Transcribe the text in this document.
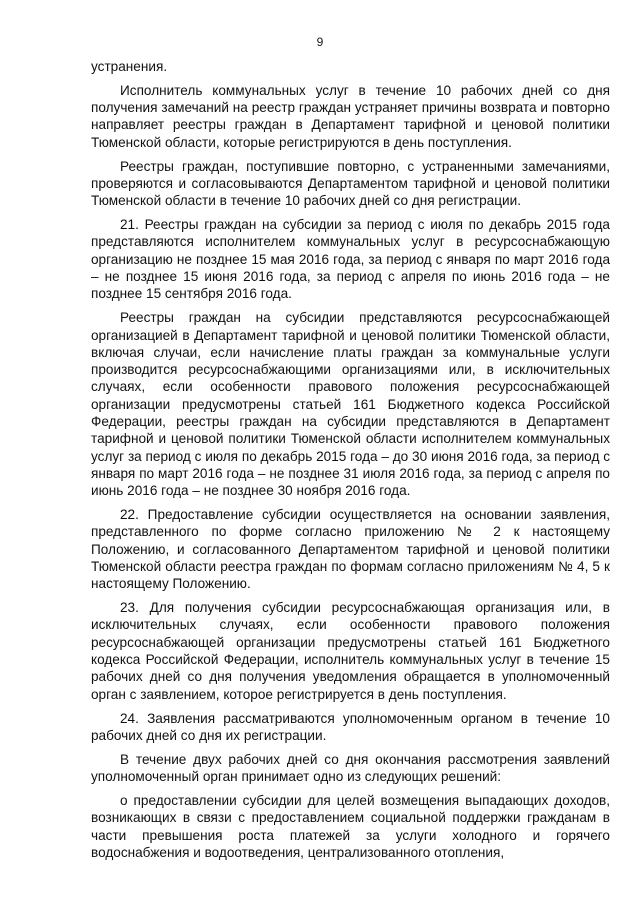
9

устранения.

Исполнитель коммунальных услуг в течение 10 рабочих дней со дня получения замечаний на реестр граждан устраняет причины возврата и повторно направляет реестры граждан в Департамент тарифной и ценовой политики Тюменской области, которые регистрируются в день поступления.

Реестры граждан, поступившие повторно, с устраненными замечаниями, проверяются и согласовываются Департаментом тарифной и ценовой политики Тюменской области в течение 10 рабочих дней со дня регистрации.

21. Реестры граждан на субсидии за период с июля по декабрь 2015 года представляются исполнителем коммунальных услуг в ресурсоснабжающую организацию не позднее 15 мая 2016 года, за период с января по март 2016 года – не позднее 15 июня 2016 года, за период с апреля по июнь 2016 года – не позднее 15 сентября 2016 года.

Реестры граждан на субсидии представляются ресурсоснабжающей организацией в Департамент тарифной и ценовой политики Тюменской области, включая случаи, если начисление платы граждан за коммунальные услуги производится ресурсоснабжающими организациями или, в исключительных случаях, если особенности правового положения ресурсоснабжающей организации предусмотрены статьей 161 Бюджетного кодекса Российской Федерации, реестры граждан на субсидии представляются в Департамент тарифной и ценовой политики Тюменской области исполнителем коммунальных услуг за период с июля по декабрь 2015 года – до 30 июня 2016 года, за период с января по март 2016 года – не позднее 31 июля 2016 года, за период с апреля по июнь 2016 года – не позднее 30 ноября 2016 года.

22. Предоставление субсидии осуществляется на основании заявления, представленного по форме согласно приложению № 2 к настоящему Положению, и согласованного Департаментом тарифной и ценовой политики Тюменской области реестра граждан по формам согласно приложениям № 4, 5 к настоящему Положению.

23. Для получения субсидии ресурсоснабжающая организация или, в исключительных случаях, если особенности правового положения ресурсоснабжающей организации предусмотрены статьей 161 Бюджетного кодекса Российской Федерации, исполнитель коммунальных услуг в течение 15 рабочих дней со дня получения уведомления обращается в уполномоченный орган с заявлением, которое регистрируется в день поступления.

24. Заявления рассматриваются уполномоченным органом в течение 10 рабочих дней со дня их регистрации.

В течение двух рабочих дней со дня окончания рассмотрения заявлений уполномоченный орган принимает одно из следующих решений:

о предоставлении субсидии для целей возмещения выпадающих доходов, возникающих в связи с предоставлением социальной поддержки гражданам в части превышения роста платежей за услуги холодного и горячего водоснабжения и водоотведения, централизованного отопления,
